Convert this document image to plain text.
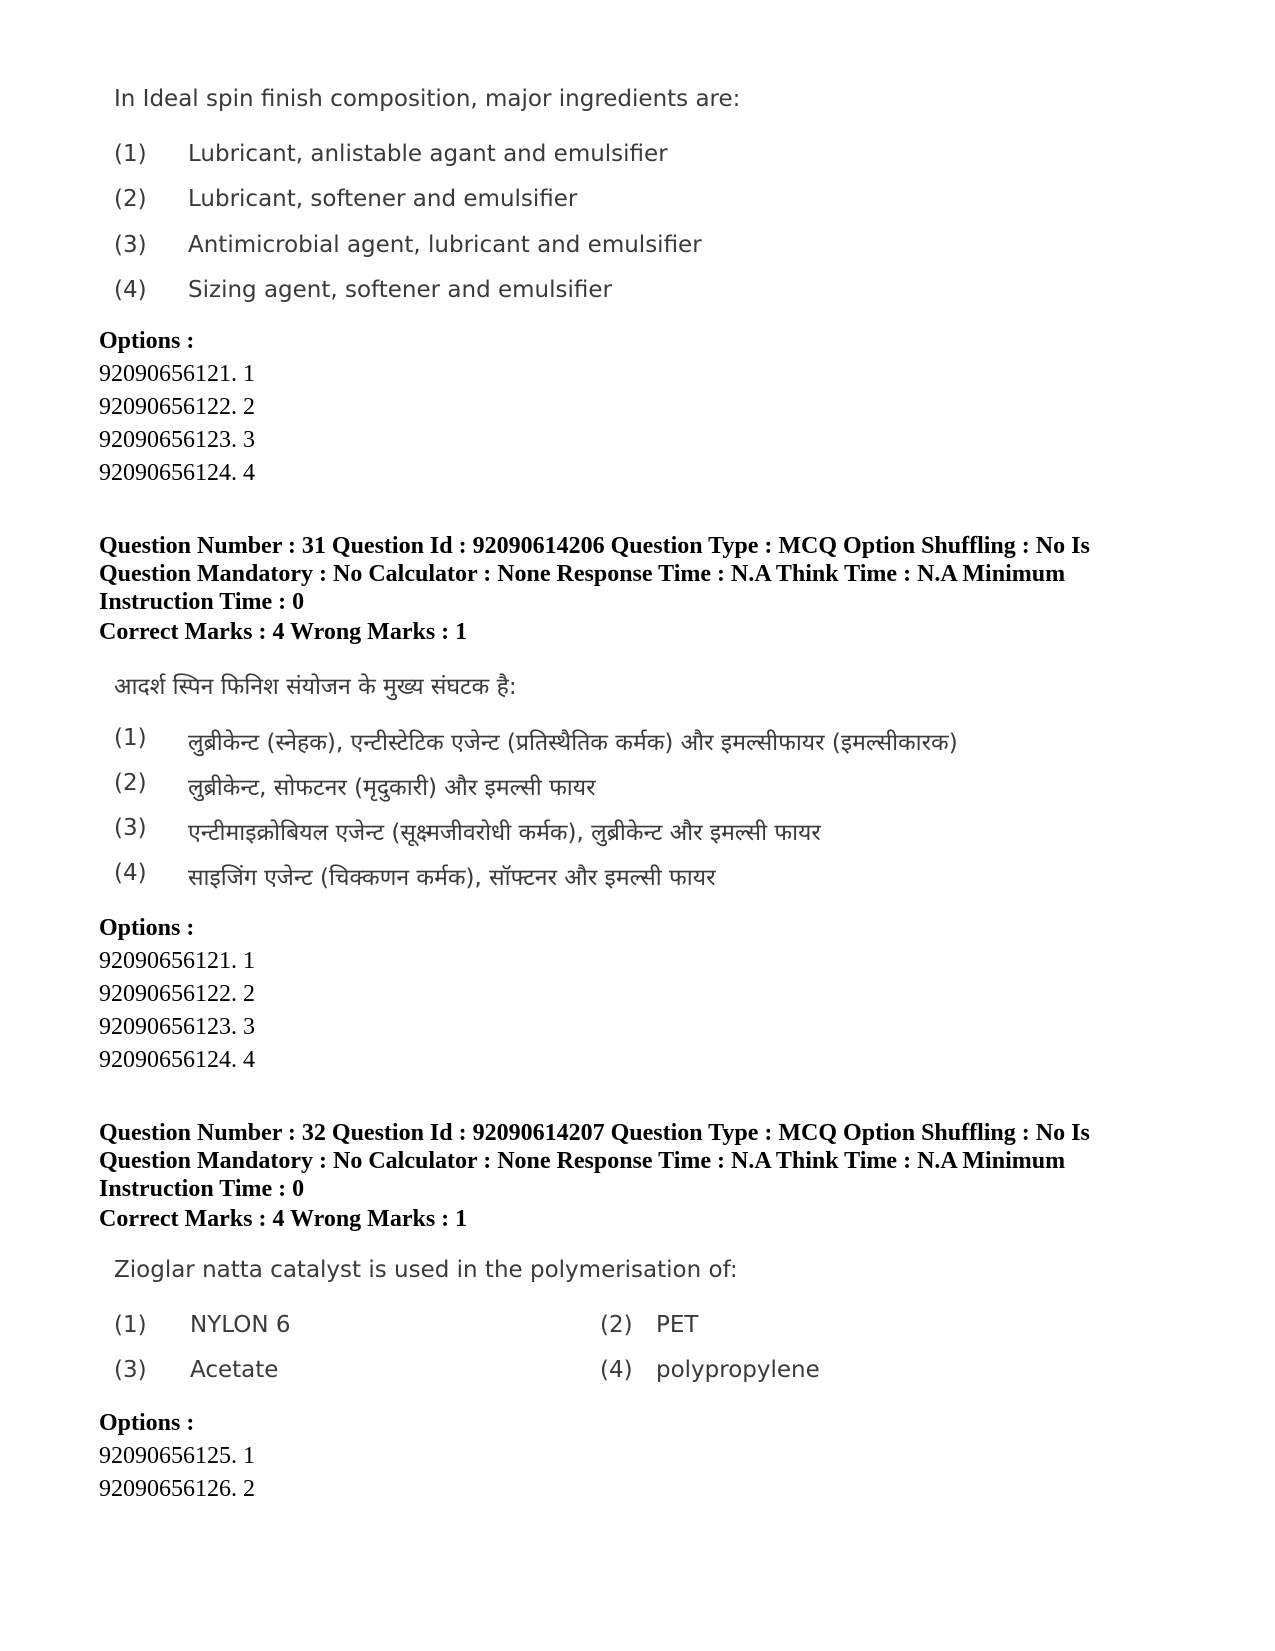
In Ideal spin finish composition, major ingredients are:
(1) Lubricant, anlistable agant and emulsifier
(2) Lubricant, softener and emulsifier
(3) Antimicrobial agent, lubricant and emulsifier
(4) Sizing agent, softener and emulsifier
Options :
92090656121. 1
92090656122. 2
92090656123. 3
92090656124. 4
Question Number : 31 Question Id : 92090614206 Question Type : MCQ Option Shuffling : No Is
Question Mandatory : No Calculator : None Response Time : N.A Think Time : N.A Minimum
Instruction Time : 0
Correct Marks : 4 Wrong Marks : 1
आदर्श स्पिन फिनिश संयोजन के मुख्य संघटक है:
(1) लुब्रीकेन्ट (स्नेहक), एन्टीस्टेटिक एजेन्ट (प्रतिस्थैतिक कर्मक) और इमल्सीफायर (इमल्सीकारक)
(2) लुब्रीकेन्ट, सोफटनर (मृदुकारी) और इमल्सी फायर
(3) एन्टीमाइक्रोबियल एजेन्ट (सूक्ष्मजीवरोधी कर्मक), लुब्रीकेन्ट और इमल्सी फायर
(4) साइजिंग एजेन्ट (चिक्कणन कर्मक), सॉफ्टनर और इमल्सी फायर
Options :
92090656121. 1
92090656122. 2
92090656123. 3
92090656124. 4
Question Number : 32 Question Id : 92090614207 Question Type : MCQ Option Shuffling : No Is
Question Mandatory : No Calculator : None Response Time : N.A Think Time : N.A Minimum
Instruction Time : 0
Correct Marks : 4 Wrong Marks : 1
Zioglar natta catalyst is used in the polymerisation of:
(1) NYLON 6	(2) PET
(3) Acetate	(4) polypropylene
Options :
92090656125. 1
92090656126. 2
